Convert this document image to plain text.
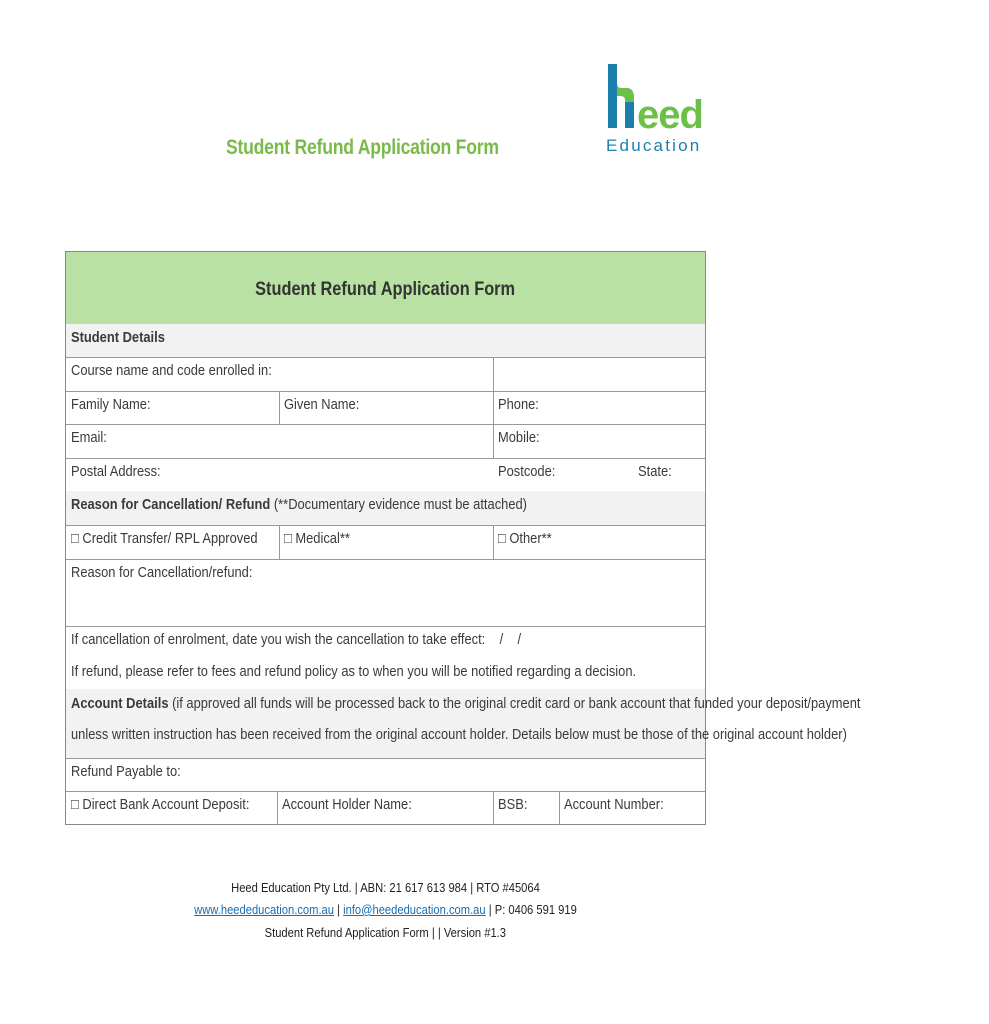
Student Refund Application Form
eed
Education
Student Refund Application Form
Student Details
Course name and code enrolled in:
Family Name:	Given Name:	Phone:
Email:	Mobile:
Postal Address:	Postcode:	State:
Reason for Cancellation/ Refund (**Documentary evidence must be attached)
□ Credit Transfer/ RPL Approved	□ Medical**	□ Other**
Reason for Cancellation/refund:
If cancellation of enrolment, date you wish the cancellation to take effect:    /    /
If refund, please refer to fees and refund policy as to when you will be notified regarding a decision.
Account Details (if approved all funds will be processed back to the original credit card or bank account that funded your deposit/payment
unless written instruction has been received from the original account holder. Details below must be those of the original account holder)
Refund Payable to:
□ Direct Bank Account Deposit:	Account Holder Name:	BSB:	Account Number:
Heed Education Pty Ltd. | ABN: 21 617 613 984 | RTO #45064
www.heededucation.com.au | info@heededucation.com.au | P: 0406 591 919
Student Refund Application Form | | Version #1.3
